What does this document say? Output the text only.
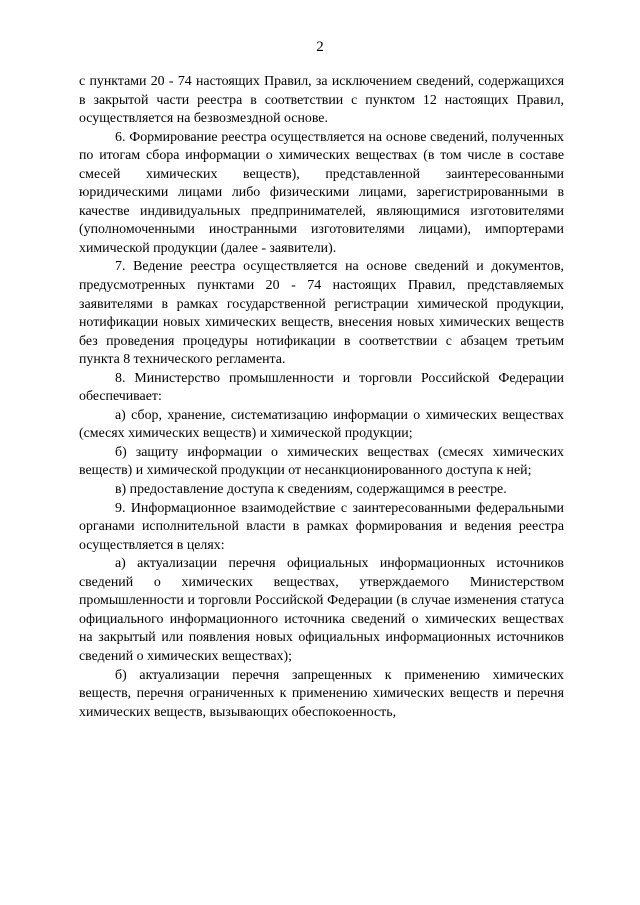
2

с пунктами 20 - 74 настоящих Правил, за исключением сведений, содержащихся в закрытой части реестра в соответствии с пунктом 12 настоящих Правил, осуществляется на безвозмездной основе.

6. Формирование реестра осуществляется на основе сведений, полученных по итогам сбора информации о химических веществах (в том числе в составе смесей химических веществ), представленной заинтересованными юридическими лицами либо физическими лицами, зарегистрированными в качестве индивидуальных предпринимателей, являющимися изготовителями (уполномоченными иностранными изготовителями лицами), импортерами химической продукции (далее - заявители).

7. Ведение реестра осуществляется на основе сведений и документов, предусмотренных пунктами 20 - 74 настоящих Правил, представляемых заявителями в рамках государственной регистрации химической продукции, нотификации новых химических веществ, внесения новых химических веществ без проведения процедуры нотификации в соответствии с абзацем третьим пункта 8 технического регламента.

8. Министерство промышленности и торговли Российской Федерации обеспечивает:

а) сбор, хранение, систематизацию информации о химических веществах (смесях химических веществ) и химической продукции;

б) защиту информации о химических веществах (смесях химических веществ) и химической продукции от несанкционированного доступа к ней;

в) предоставление доступа к сведениям, содержащимся в реестре.

9. Информационное взаимодействие с заинтересованными федеральными органами исполнительной власти в рамках формирования и ведения реестра осуществляется в целях:

а) актуализации перечня официальных информационных источников сведений о химических веществах, утверждаемого Министерством промышленности и торговли Российской Федерации (в случае изменения статуса официального информационного источника сведений о химических веществах на закрытый или появления новых официальных информационных источников сведений о химических веществах);

б) актуализации перечня запрещенных к применению химических веществ, перечня ограниченных к применению химических веществ и перечня химических веществ, вызывающих обеспокоенность,
